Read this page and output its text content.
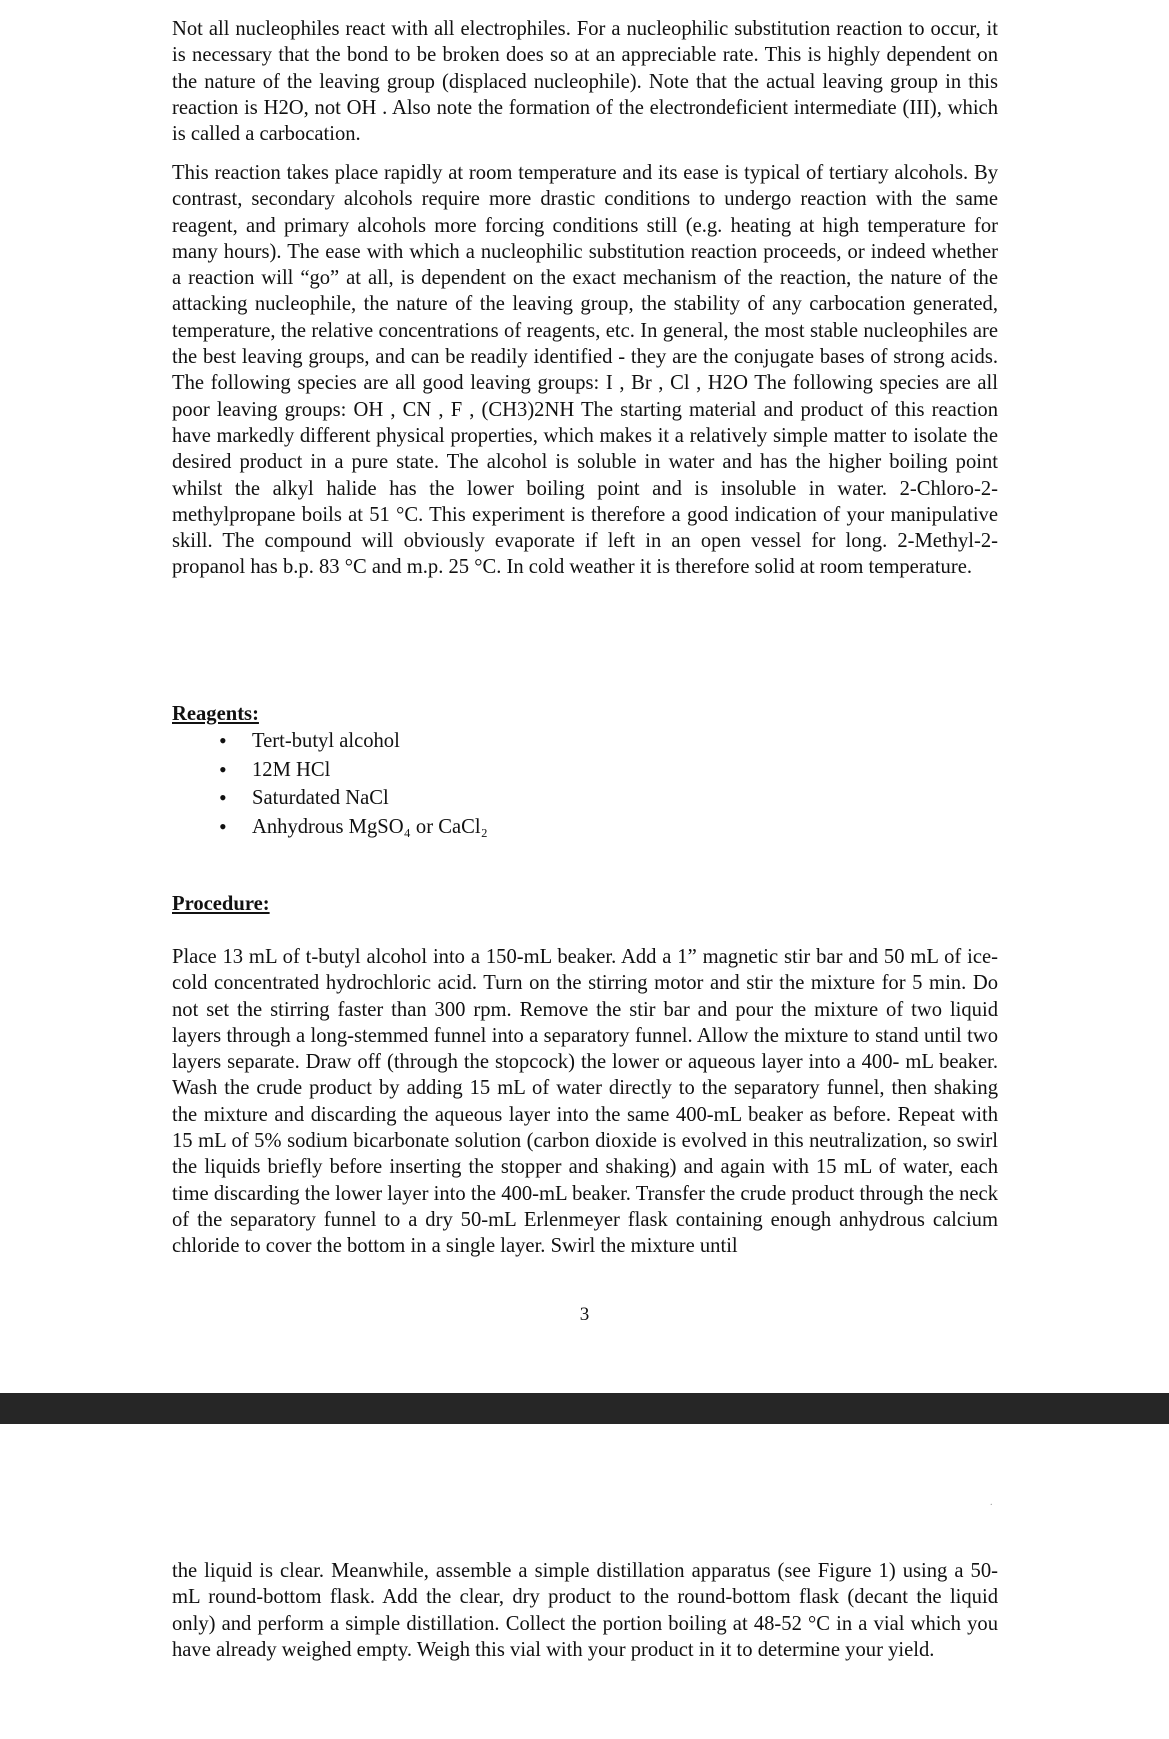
Not all nucleophiles react with all electrophiles. For a nucleophilic substitution reaction to occur, it is necessary that the bond to be broken does so at an appreciable rate. This is highly dependent on the nature of the leaving group (displaced nucleophile). Note that the actual leaving group in this reaction is H2O, not OH . Also note the formation of the electrondeficient intermediate (III), which is called a carbocation.

This reaction takes place rapidly at room temperature and its ease is typical of tertiary alcohols. By contrast, secondary alcohols require more drastic conditions to undergo reaction with the same reagent, and primary alcohols more forcing conditions still (e.g. heating at high temperature for many hours). The ease with which a nucleophilic substitution reaction proceeds, or indeed whether a reaction will “go” at all, is dependent on the exact mechanism of the reaction, the nature of the attacking nucleophile, the nature of the leaving group, the stability of any carbocation generated, temperature, the relative concentrations of reagents, etc. In general, the most stable nucleophiles are the best leaving groups, and can be readily identified - they are the conjugate bases of strong acids. The following species are all good leaving groups: I , Br , Cl , H2O The following species are all poor leaving groups: OH , CN , F , (CH3)2NH The starting material and product of this reaction have markedly different physical properties, which makes it a relatively simple matter to isolate the desired product in a pure state. The alcohol is soluble in water and has the higher boiling point whilst the alkyl halide has the lower boiling point and is insoluble in water. 2-Chloro-2-methylpropane boils at 51 °C. This experiment is therefore a good indication of your manipulative skill. The compound will obviously evaporate if left in an open vessel for long. 2-Methyl-2-propanol has b.p. 83 °C and m.p. 25 °C. In cold weather it is therefore solid at room temperature.

Reagents:
• Tert-butyl alcohol
• 12M HCl
• Saturdated NaCl
• Anhydrous MgSO₄ or CaCl₂
Procedure:

Place 13 mL of t-butyl alcohol into a 150-mL beaker. Add a 1” magnetic stir bar and 50 mL of ice-cold concentrated hydrochloric acid. Turn on the stirring motor and stir the mixture for 5 min. Do not set the stirring faster than 300 rpm. Remove the stir bar and pour the mixture of two liquid layers through a long-stemmed funnel into a separatory funnel. Allow the mixture to stand until two layers separate. Draw off (through the stopcock) the lower or aqueous layer into a 400- mL beaker. Wash the crude product by adding 15 mL of water directly to the separatory funnel, then shaking the mixture and discarding the aqueous layer into the same 400-mL beaker as before. Repeat with 15 mL of 5% sodium bicarbonate solution (carbon dioxide is evolved in this neutralization, so swirl the liquids briefly before inserting the stopper and shaking) and again with 15 mL of water, each time discarding the lower layer into the 400-mL beaker. Transfer the crude product through the neck of the separatory funnel to a dry 50-mL Erlenmeyer flask containing enough anhydrous calcium chloride to cover the bottom in a single layer. Swirl the mixture until

3
.

the liquid is clear. Meanwhile, assemble a simple distillation apparatus (see Figure 1) using a 50-mL round-bottom flask. Add the clear, dry product to the round-bottom flask (decant the liquid only) and perform a simple distillation. Collect the portion boiling at 48-52 °C in a vial which you have already weighed empty. Weigh this vial with your product in it to determine your yield.
